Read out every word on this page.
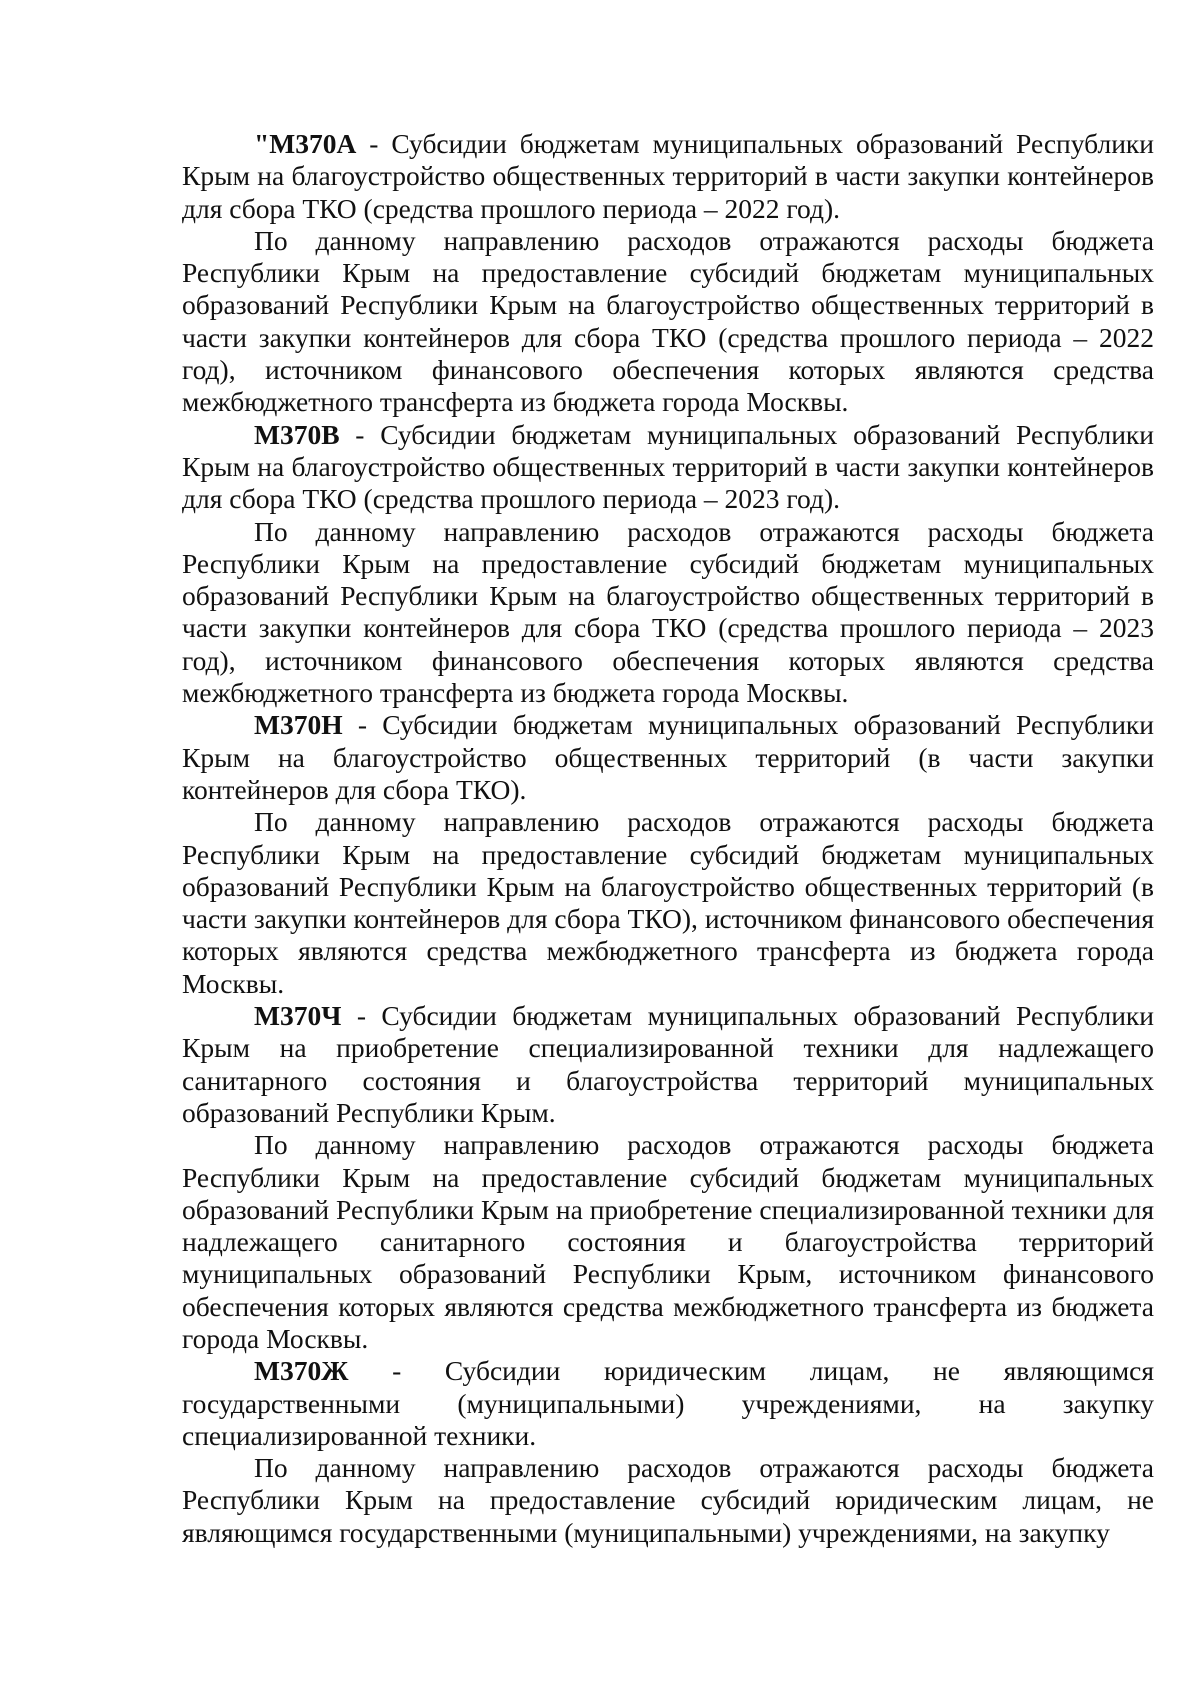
"М370А - Субсидии бюджетам муниципальных образований Республики Крым на благоустройство общественных территорий в части закупки контейнеров для сбора ТКО (средства прошлого периода – 2022 год).

По данному направлению расходов отражаются расходы бюджета Республики Крым на предоставление субсидий бюджетам муниципальных образований Республики Крым на благоустройство общественных территорий в части закупки контейнеров для сбора ТКО (средства прошлого периода – 2022 год), источником финансового обеспечения которых являются средства межбюджетного трансферта из бюджета города Москвы.

М370В - Субсидии бюджетам муниципальных образований Республики Крым на благоустройство общественных территорий в части закупки контейнеров для сбора ТКО (средства прошлого периода – 2023 год).

По данному направлению расходов отражаются расходы бюджета Республики Крым на предоставление субсидий бюджетам муниципальных образований Республики Крым на благоустройство общественных территорий в части закупки контейнеров для сбора ТКО (средства прошлого периода – 2023 год), источником финансового обеспечения которых являются средства межбюджетного трансферта из бюджета города Москвы.

М370Н - Субсидии бюджетам муниципальных образований Республики Крым на благоустройство общественных территорий (в части закупки контейнеров для сбора ТКО).

По данному направлению расходов отражаются расходы бюджета Республики Крым на предоставление субсидий бюджетам муниципальных образований Республики Крым на благоустройство общественных территорий (в части закупки контейнеров для сбора ТКО), источником финансового обеспечения которых являются средства межбюджетного трансферта из бюджета города Москвы.

М370Ч - Субсидии бюджетам муниципальных образований Республики Крым на приобретение специализированной техники для надлежащего санитарного состояния и благоустройства территорий муниципальных образований Республики Крым.

По данному направлению расходов отражаются расходы бюджета Республики Крым на предоставление субсидий бюджетам муниципальных образований Республики Крым на приобретение специализированной техники для надлежащего санитарного состояния и благоустройства территорий муниципальных образований Республики Крым, источником финансового обеспечения которых являются средства межбюджетного трансферта из бюджета города Москвы.

М370Ж - Субсидии юридическим лицам, не являющимся государственными (муниципальными) учреждениями, на закупку специализированной техники.

По данному направлению расходов отражаются расходы бюджета Республики Крым на предоставление субсидий юридическим лицам, не являющимся государственными (муниципальными) учреждениями, на закупку
